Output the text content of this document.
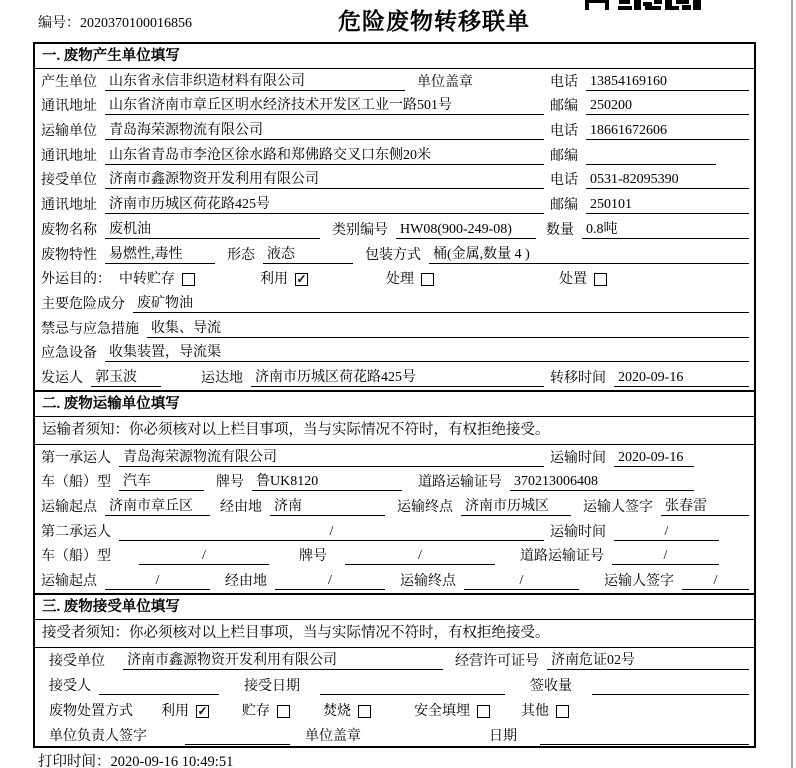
编号：2020370100016856	危险废物转移联单
一. 废物产生单位填写
产生单位 山东省永信非织造材料有限公司	单位盖章	电话 13854169160
通讯地址 山东省济南市章丘区明水经济技术开发区工业一路501号	邮编 250200
运输单位 青岛海荣源物流有限公司	电话 18661672606
通讯地址 山东省青岛市李沧区徐水路和郑佛路交叉口东侧20米	邮编
接受单位 济南市鑫源物资开发利用有限公司	电话 0531-82095390
通讯地址 济南市历城区荷花路425号	邮编 250101
废物名称 废机油	类别编号 HW08(900-249-08)	数量 0.8吨
废物特性 易燃性,毒性	形态 液态	包装方式 桶(金属,数量 4 )
外运目的： 中转贮存	利用 ✓	处理	处置
主要危险成分 废矿物油
禁忌与应急措施 收集、导流
应急设备 收集装置，导流渠
发运人 郭玉波	运达地 济南市历城区荷花路425号	转移时间 2020-09-16
二. 废物运输单位填写
运输者须知：你必须核对以上栏目事项，当与实际情况不符时，有权拒绝接受。
第一承运人 青岛海荣源物流有限公司	运输时间 2020-09-16
车（船）型 汽车	牌号 鲁UK8120	道路运输证号 370213006408
运输起点 济南市章丘区	经由地 济南	运输终点 济南市历城区	运输人签字 张春雷
第二承运人	/	运输时间	/
车（船）型	/	牌号	/	道路运输证号	/
运输起点	/	经由地	/	运输终点	/	运输人签字	/
三. 废物接受单位填写
接受者须知：你必须核对以上栏目事项，当与实际情况不符时，有权拒绝接受。
接受单位 济南市鑫源物资开发利用有限公司	经营许可证号 济南危证02号
接受人	接受日期	签收量
废物处置方式 利用 ✓ 贮存	焚烧	安全填埋	其他
单位负责人签字	单位盖章	日期
打印时间：2020-09-16 10:49:51
